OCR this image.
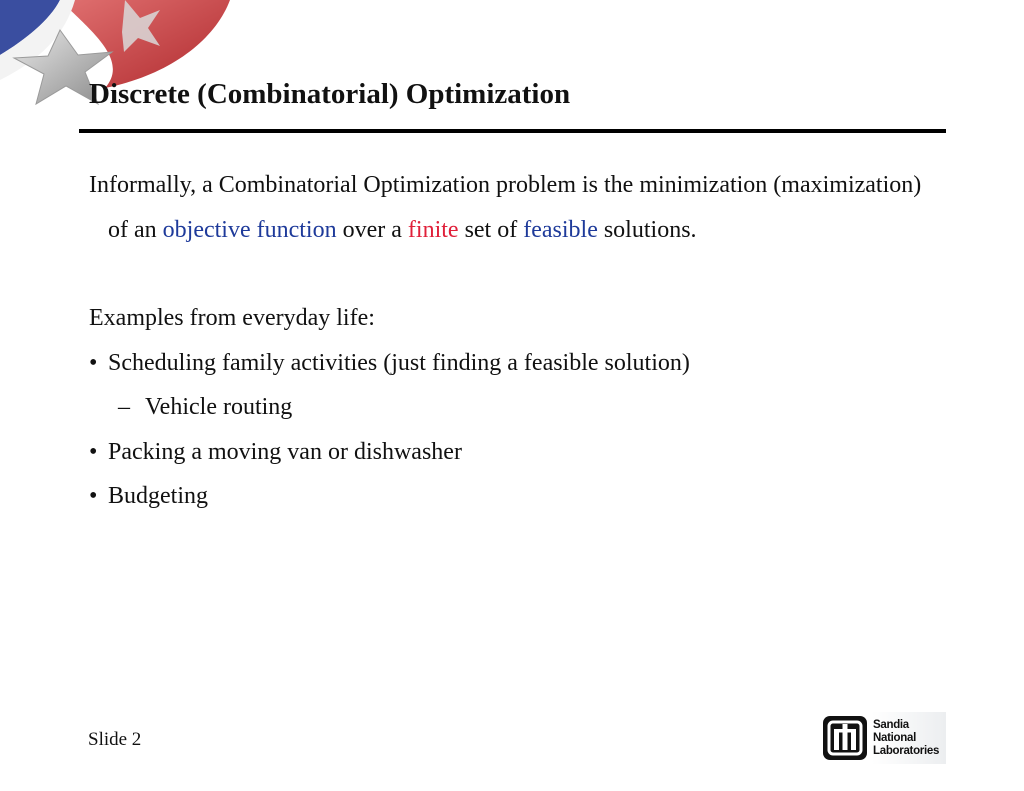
Discrete (Combinatorial) Optimization

Informally, a Combinatorial Optimization problem is the minimization (maximization) of an objective function over a finite set of feasible solutions.

Examples from everyday life:
• Scheduling family activities (just finding a feasible solution)
– Vehicle routing
• Packing a moving van or dishwasher
• Budgeting
Slide 2
Sandia
National
Laboratories
